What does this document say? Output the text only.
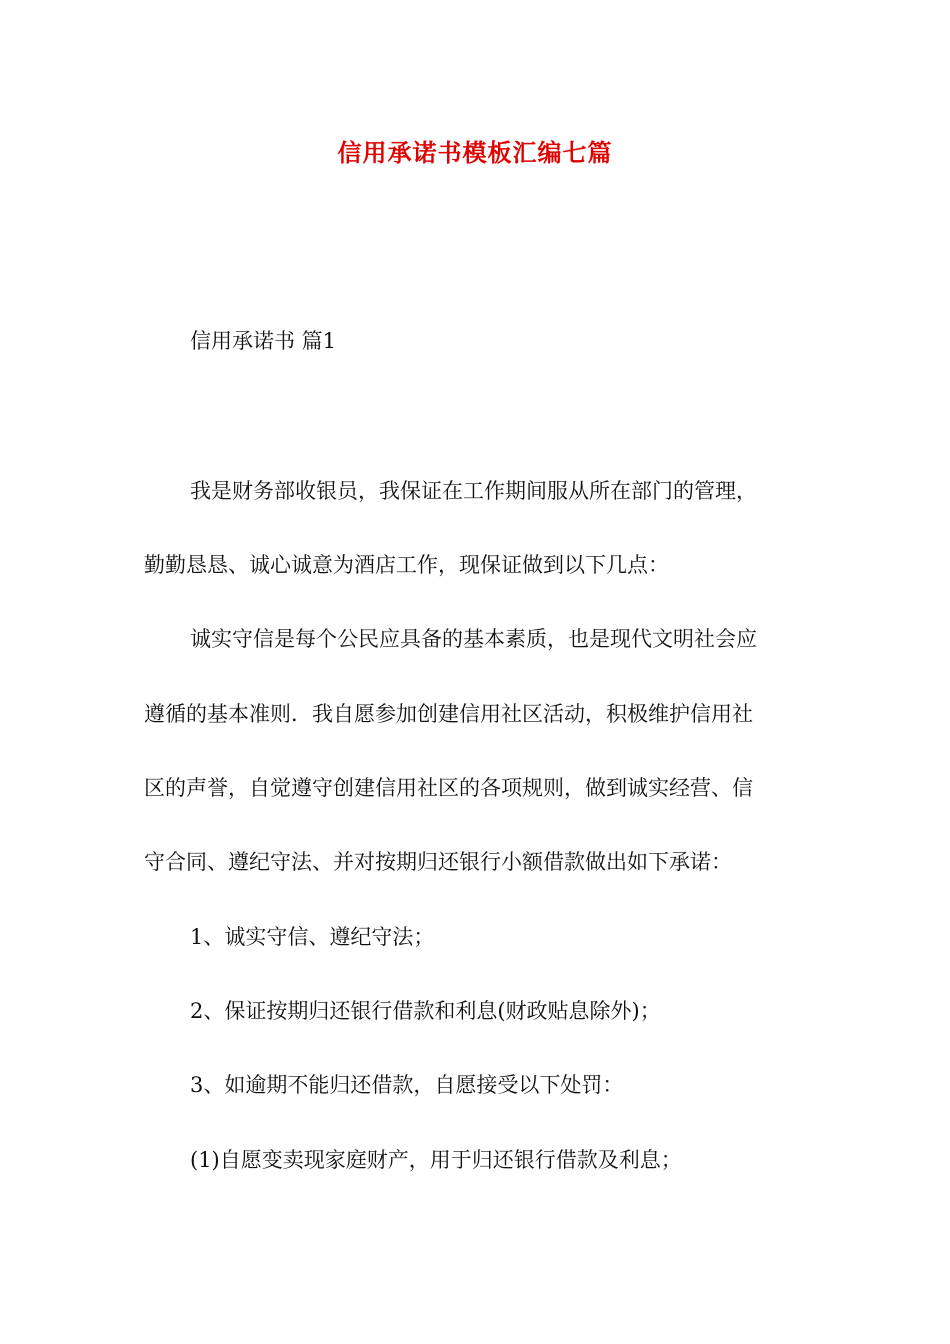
信用承诺书模板汇编七篇
信用承诺书 篇1
我是财务部收银员，我保证在工作期间服从所在部门的管理，
勤勤恳恳、诚心诚意为酒店工作，现保证做到以下几点：
诚实守信是每个公民应具备的基本素质，也是现代文明社会应
遵循的基本准则．我自愿参加创建信用社区活动，积极维护信用社
区的声誉，自觉遵守创建信用社区的各项规则，做到诚实经营、信
守合同、遵纪守法、并对按期归还银行小额借款做出如下承诺：
1、诚实守信、遵纪守法；
2、保证按期归还银行借款和利息(财政贴息除外)；
3、如逾期不能归还借款，自愿接受以下处罚：
(1)自愿变卖现家庭财产，用于归还银行借款及利息；
